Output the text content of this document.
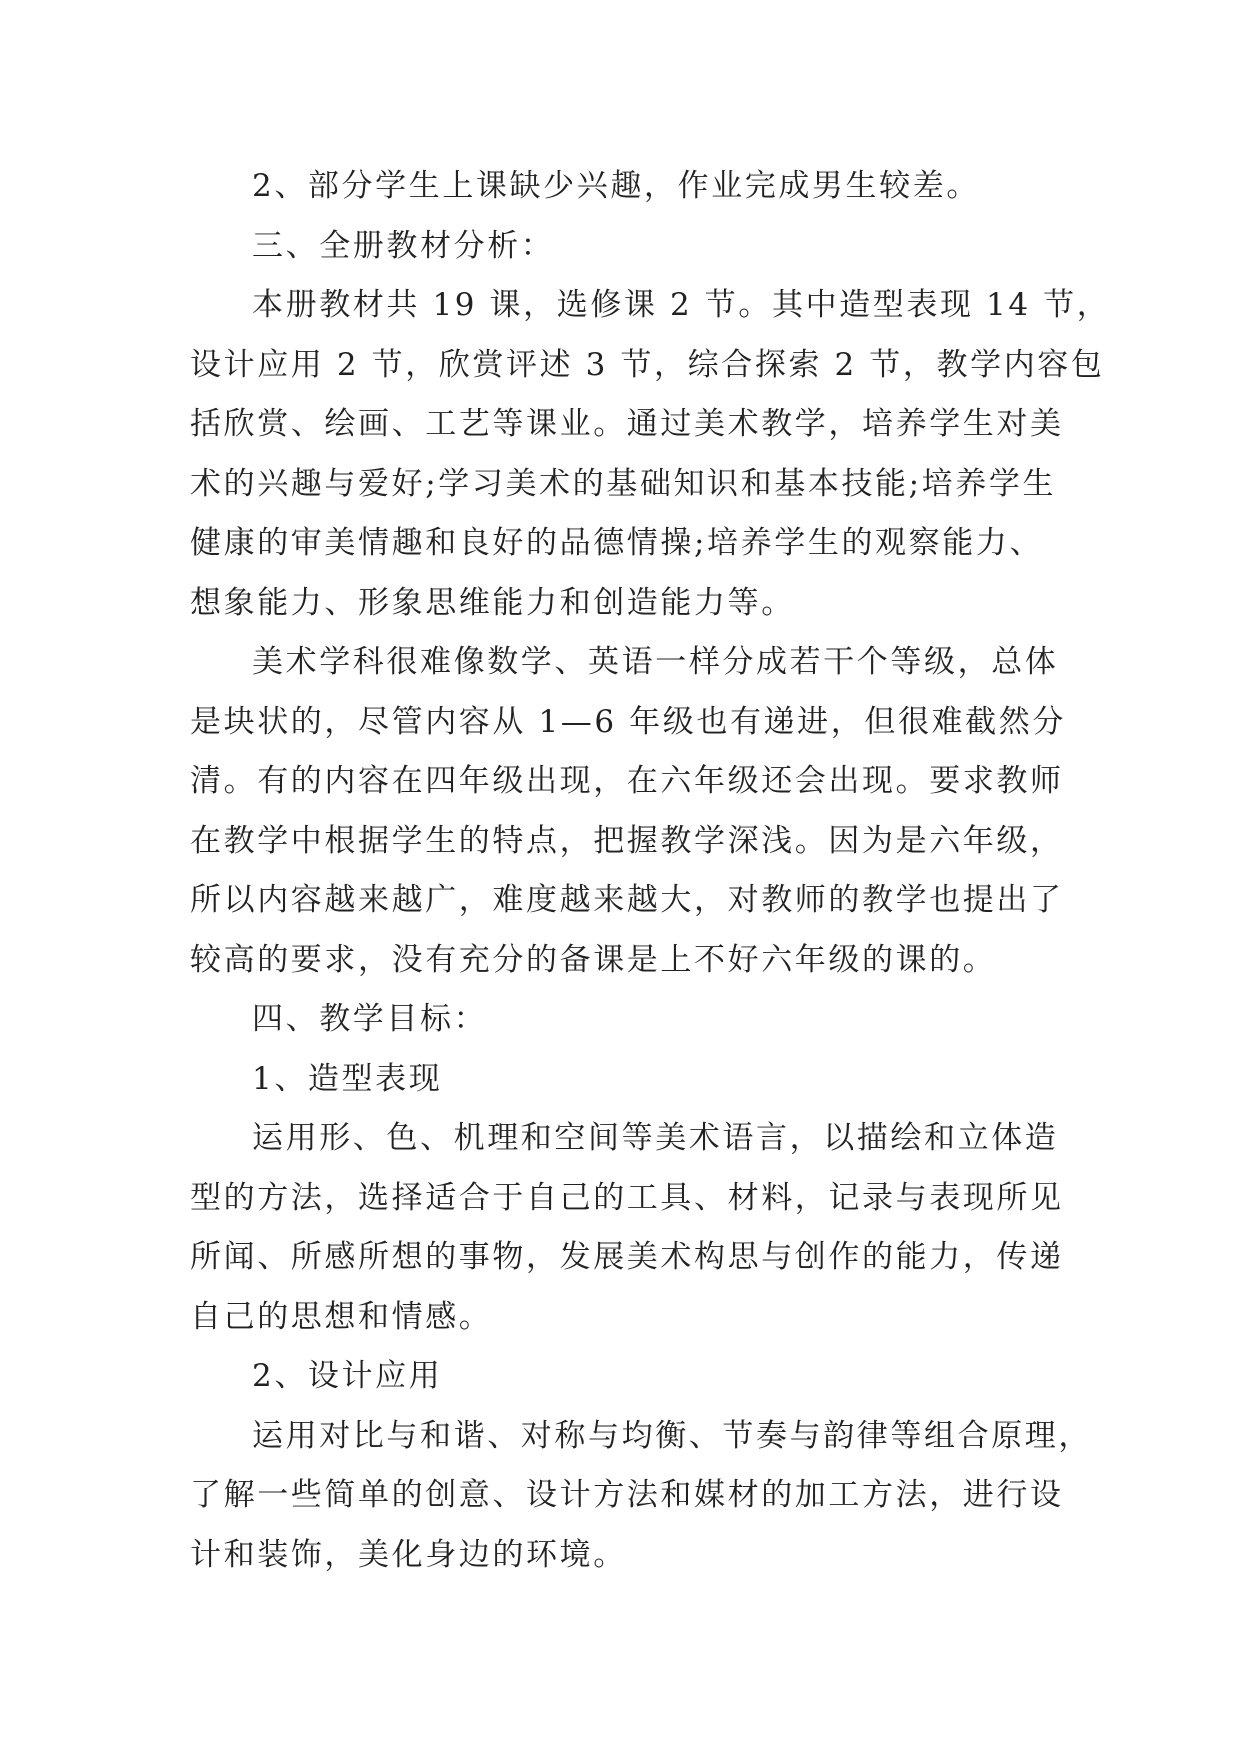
2、部分学生上课缺少兴趣，作业完成男生较差。
三、全册教材分析：
本册教材共 19 课，选修课 2 节。其中造型表现 14 节，
设计应用 2 节，欣赏评述 3 节，综合探索 2 节，教学内容包
括欣赏、绘画、工艺等课业。通过美术教学，培养学生对美
术的兴趣与爱好;学习美术的基础知识和基本技能;培养学生
健康的审美情趣和良好的品德情操;培养学生的观察能力、
想象能力、形象思维能力和创造能力等。
美术学科很难像数学、英语一样分成若干个等级，总体
是块状的，尽管内容从 1—6 年级也有递进，但很难截然分
清。有的内容在四年级出现，在六年级还会出现。要求教师
在教学中根据学生的特点，把握教学深浅。因为是六年级，
所以内容越来越广，难度越来越大，对教师的教学也提出了
较高的要求，没有充分的备课是上不好六年级的课的。
四、教学目标：
1、造型表现
运用形、色、机理和空间等美术语言，以描绘和立体造
型的方法，选择适合于自己的工具、材料，记录与表现所见
所闻、所感所想的事物，发展美术构思与创作的能力，传递
自己的思想和情感。
2、设计应用
运用对比与和谐、对称与均衡、节奏与韵律等组合原理，
了解一些简单的创意、设计方法和媒材的加工方法，进行设
计和装饰，美化身边的环境。
